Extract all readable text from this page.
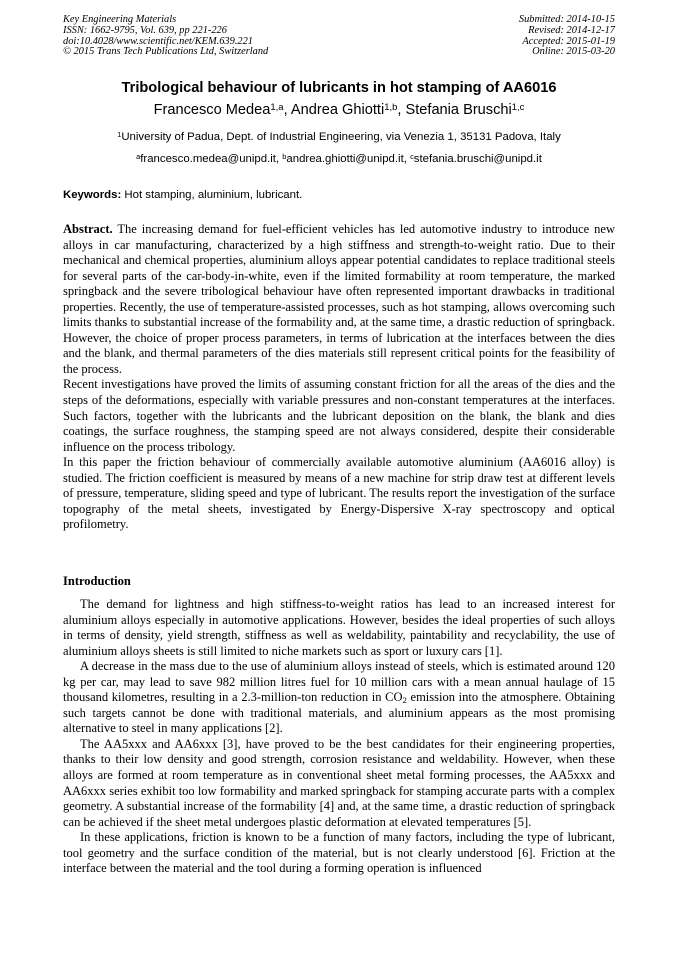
Key Engineering Materials
ISSN: 1662-9795, Vol. 639, pp 221-226
doi:10.4028/www.scientific.net/KEM.639.221
© 2015 Trans Tech Publications Ltd, Switzerland
Submitted: 2014-10-15
Revised: 2014-12-17
Accepted: 2015-01-19
Online: 2015-03-20
Tribological behaviour of lubricants in hot stamping of AA6016
Francesco Medea$^{1,a}$, Andrea Ghiotti$^{1,b}$, Stefania Bruschi$^{1,c}$
$^1$University of Padua, Dept. of Industrial Engineering, via Venezia 1, 35131 Padova, Italy
$^a$francesco.medea@unipd.it, $^b$andrea.ghiotti@unipd.it, $^c$stefania.bruschi@unipd.it
Keywords: Hot stamping, aluminium, lubricant.

Abstract. The increasing demand for fuel-efficient vehicles has led automotive industry to introduce new alloys in car manufacturing, characterized by a high stiffness and strength-to-weight ratio. Due to their mechanical and chemical properties, aluminium alloys appear potential candidates to replace traditional steels for several parts of the car-body-in-white, even if the limited formability at room temperature, the marked springback and the severe tribological behaviour have often represented important drawbacks in traditional properties. Recently, the use of temperature-assisted processes, such as hot stamping, allows overcoming such limits thanks to substantial increase of the formability and, at the same time, a drastic reduction of springback. However, the choice of proper process parameters, in terms of lubrication at the interfaces between the dies and the blank, and thermal parameters of the dies materials still represent critical points for the feasibility of the process.

Recent investigations have proved the limits of assuming constant friction for all the areas of the dies and the steps of the deformations, especially with variable pressures and non-constant temperatures at the interfaces. Such factors, together with the lubricants and the lubricant deposition on the blank, the blank and dies coatings, the surface roughness, the stamping speed are not always considered, despite their considerable influence on the process tribology.

In this paper the friction behaviour of commercially available automotive aluminium (AA6016 alloy) is studied. The friction coefficient is measured by means of a new machine for strip draw test at different levels of pressure, temperature, sliding speed and type of lubricant. The results report the investigation of the surface topography of the metal sheets, investigated by Energy-Dispersive X-ray spectroscopy and optical profilometry.

Introduction

The demand for lightness and high stiffness-to-weight ratios has lead to an increased interest for aluminium alloys especially in automotive applications. However, besides the ideal properties of such alloys in terms of density, yield strength, stiffness as well as weldability, paintability and recyclability, the use of aluminium alloys sheets is still limited to niche markets such as sport or luxury cars [1].

A decrease in the mass due to the use of aluminium alloys instead of steels, which is estimated around 120 kg per car, may lead to save 982 million litres fuel for 10 million cars with a mean annual haulage of 15 thousand kilometres, resulting in a 2.3-million-ton reduction in $CO_2$ emission into the atmosphere. Obtaining such targets cannot be done with traditional materials, and aluminium appears as the most promising alternative to steel in many applications [2].

The AA5xxx and AA6xxx [3], have proved to be the best candidates for their engineering properties, thanks to their low density and good strength, corrosion resistance and weldability. However, when these alloys are formed at room temperature as in conventional sheet metal forming processes, the AA5xxx and AA6xxx series exhibit too low formability and marked springback for stamping accurate parts with a complex geometry. A substantial increase of the formability [4] and, at the same time, a drastic reduction of springback can be achieved if the sheet metal undergoes plastic deformation at elevated temperatures [5].

In these applications, friction is known to be a function of many factors, including the type of lubricant, tool geometry and the surface condition of the material, but is not clearly understood [6]. Friction at the interface between the material and the tool during a forming operation is influenced
